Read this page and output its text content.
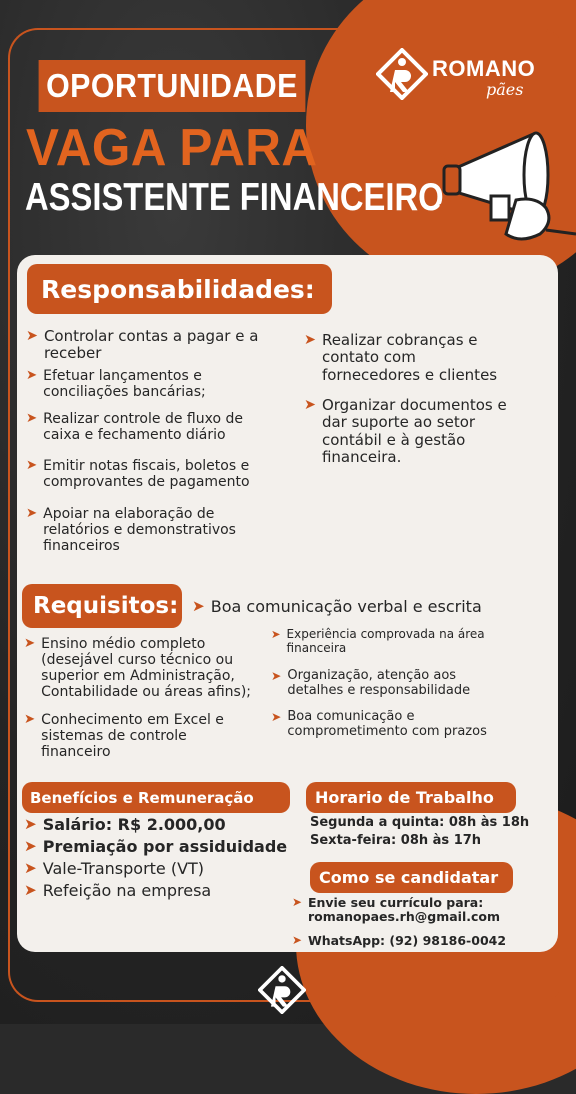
OPORTUNIDADE
VAGA PARA
ASSISTENTE FINANCEIRO
ROMANO
pães
Responsabilidades:
➤ Controlar contas a pagar e a
receber
➤ Efetuar lançamentos e
conciliações bancárias;
➤ Realizar controle de fluxo de
caixa e fechamento diário
➤ Emitir notas fiscais, boletos e
comprovantes de pagamento
➤ Apoiar na elaboração de
relatórios e demonstrativos
financeiros
➤ Realizar cobranças e
contato com
fornecedores e clientes
➤ Organizar documentos e
dar suporte ao setor
contábil e à gestão
financeira.
Requisitos: ➤ Boa comunicação verbal e escrita
➤ Ensino médio completo
(desejável curso técnico ou
superior em Administração,
Contabilidade ou áreas afins);
➤ Conhecimento em Excel e
sistemas de controle
financeiro
➤ Experiência comprovada na área
financeira
➤ Organização, atenção aos
detalhes e responsabilidade
➤ Boa comunicação e
comprometimento com prazos
Benefícios e Remuneração
➤ Salário: R$ 2.000,00
➤ Premiação por assiduidade
➤ Vale-Transporte (VT)
➤ Refeição na empresa
Horario de Trabalho
Segunda a quinta: 08h às 18h
Sexta-feira: 08h às 17h
Como se candidatar
➤ Envie seu currículo para:
romanopaes.rh@gmail.com
➤ WhatsApp: (92) 98186-0042
